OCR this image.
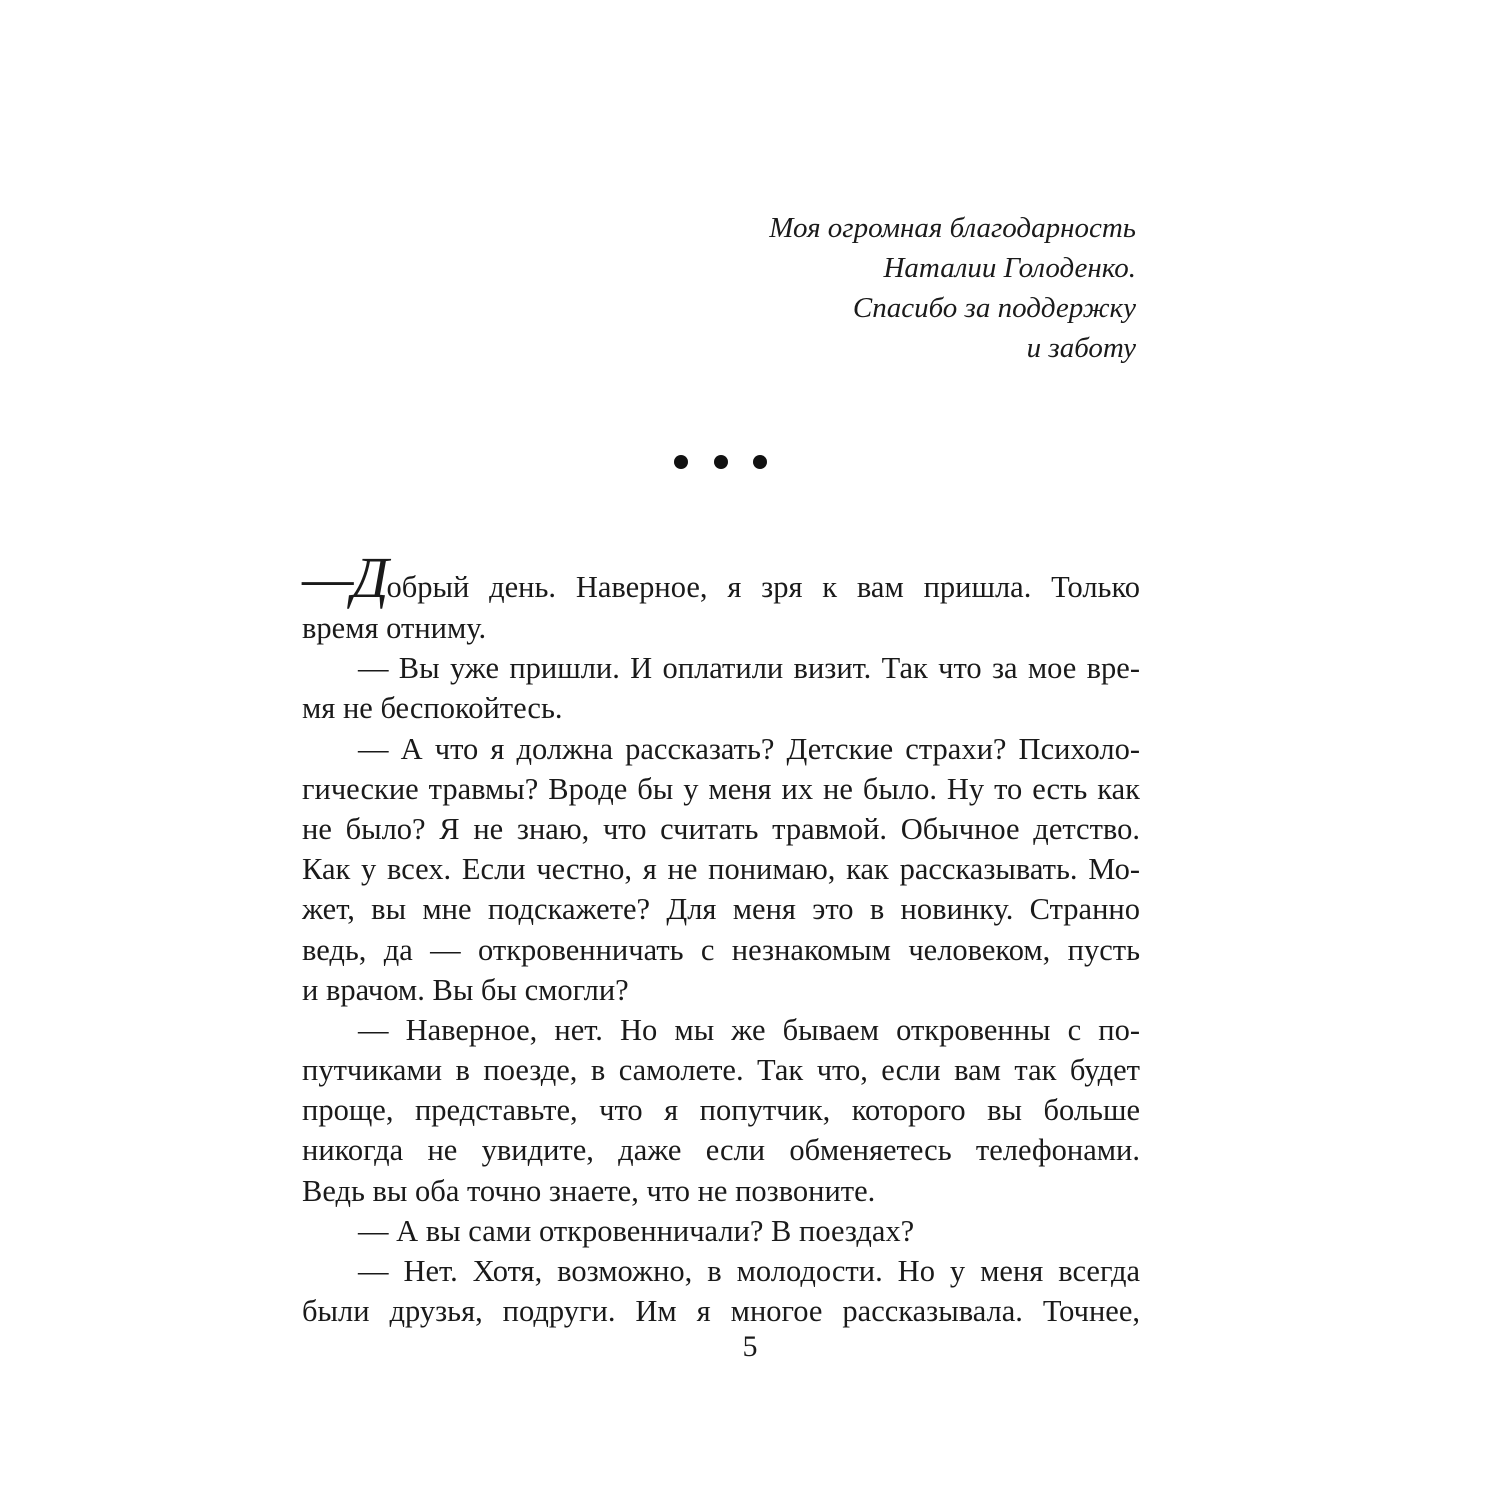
Моя огромная благодарность
Наталии Голоденко.
Спасибо за поддержку
и заботу
—Добрый день. Наверное, я зря к вам пришла. Только
время отниму.
— Вы уже пришли. И оплатили визит. Так что за мое вре-
мя не беспокойтесь.
— А что я должна рассказать? Детские страхи? Психоло-
гические травмы? Вроде бы у меня их не было. Ну то есть как
не было? Я не знаю, что считать травмой. Обычное детство.
Как у всех. Если честно, я не понимаю, как рассказывать. Мо-
жет, вы мне подскажете? Для меня это в новинку. Странно
ведь, да — откровенничать с незнакомым человеком, пусть
и врачом. Вы бы смогли?
— Наверное, нет. Но мы же бываем откровенны с по-
путчиками в поезде, в самолете. Так что, если вам так будет
проще, представьте, что я попутчик, которого вы больше
никогда не увидите, даже если обменяетесь телефонами.
Ведь вы оба точно знаете, что не позвоните.
— А вы сами откровенничали? В поездах?
— Нет. Хотя, возможно, в молодости. Но у меня всегда
были друзья, подруги. Им я многое рассказывала. Точнее,
5
